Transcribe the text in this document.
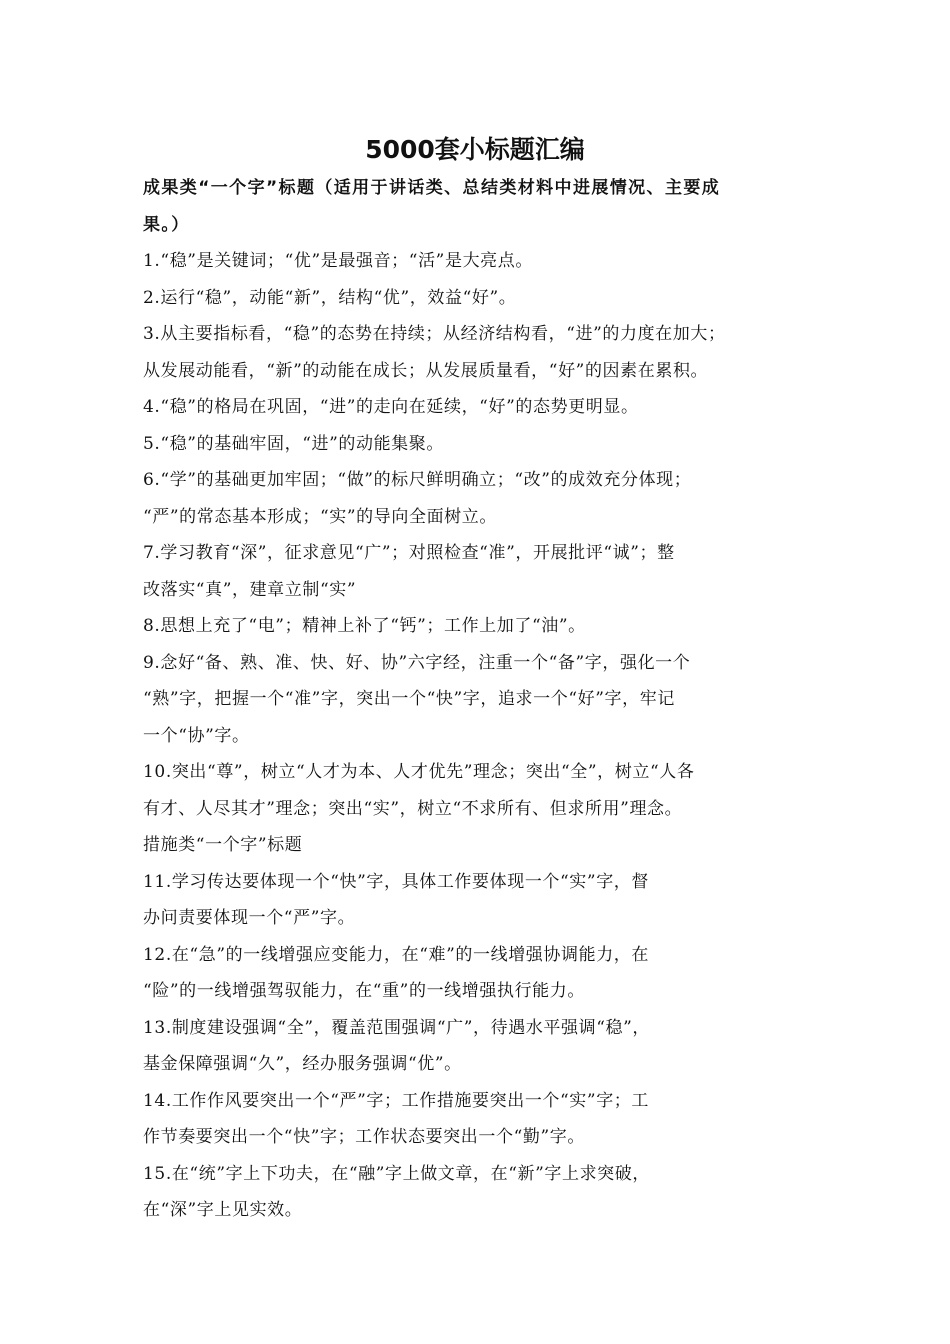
5000套小标题汇编
成果类“一个字”标题（适用于讲话类、总结类材料中进展情况、主要成
果。）
1.“稳”是关键词；“优”是最强音；“活”是大亮点。
2.运行“稳”，动能“新”，结构“优”，效益“好”。
3.从主要指标看，“稳”的态势在持续；从经济结构看，“进”的力度在加大；
从发展动能看，“新”的动能在成长；从发展质量看，“好”的因素在累积。
4.“稳”的格局在巩固，“进”的走向在延续，“好”的态势更明显。
5.“稳”的基础牢固，“进”的动能集聚。
6.“学”的基础更加牢固；“做”的标尺鲜明确立；“改”的成效充分体现；
“严”的常态基本形成；“实”的导向全面树立。
7.学习教育“深”，征求意见“广”；对照检查“准”，开展批评“诚”；整
改落实“真”，建章立制“实”
8.思想上充了“电”；精神上补了“钙”；工作上加了“油”。
9.念好“备、熟、准、快、好、协”六字经，注重一个“备”字，强化一个
“熟”字，把握一个“准”字，突出一个“快”字，追求一个“好”字，牢记
一个“协”字。
10.突出“尊”，树立“人才为本、人才优先”理念；突出“全”，树立“人各
有才、人尽其才”理念；突出“实”，树立“不求所有、但求所用”理念。
措施类“一个字”标题
11.学习传达要体现一个“快”字，具体工作要体现一个“实”字，督
办问责要体现一个“严”字。
12.在“急”的一线增强应变能力，在“难”的一线增强协调能力，在
“险”的一线增强驾驭能力，在“重”的一线增强执行能力。
13.制度建设强调“全”，覆盖范围强调“广”，待遇水平强调“稳”，
基金保障强调“久”，经办服务强调“优”。
14.工作作风要突出一个“严”字；工作措施要突出一个“实”字；工
作节奏要突出一个“快”字；工作状态要突出一个“勤”字。
15.在“统”字上下功夫，在“融”字上做文章，在“新”字上求突破，
在“深”字上见实效。
